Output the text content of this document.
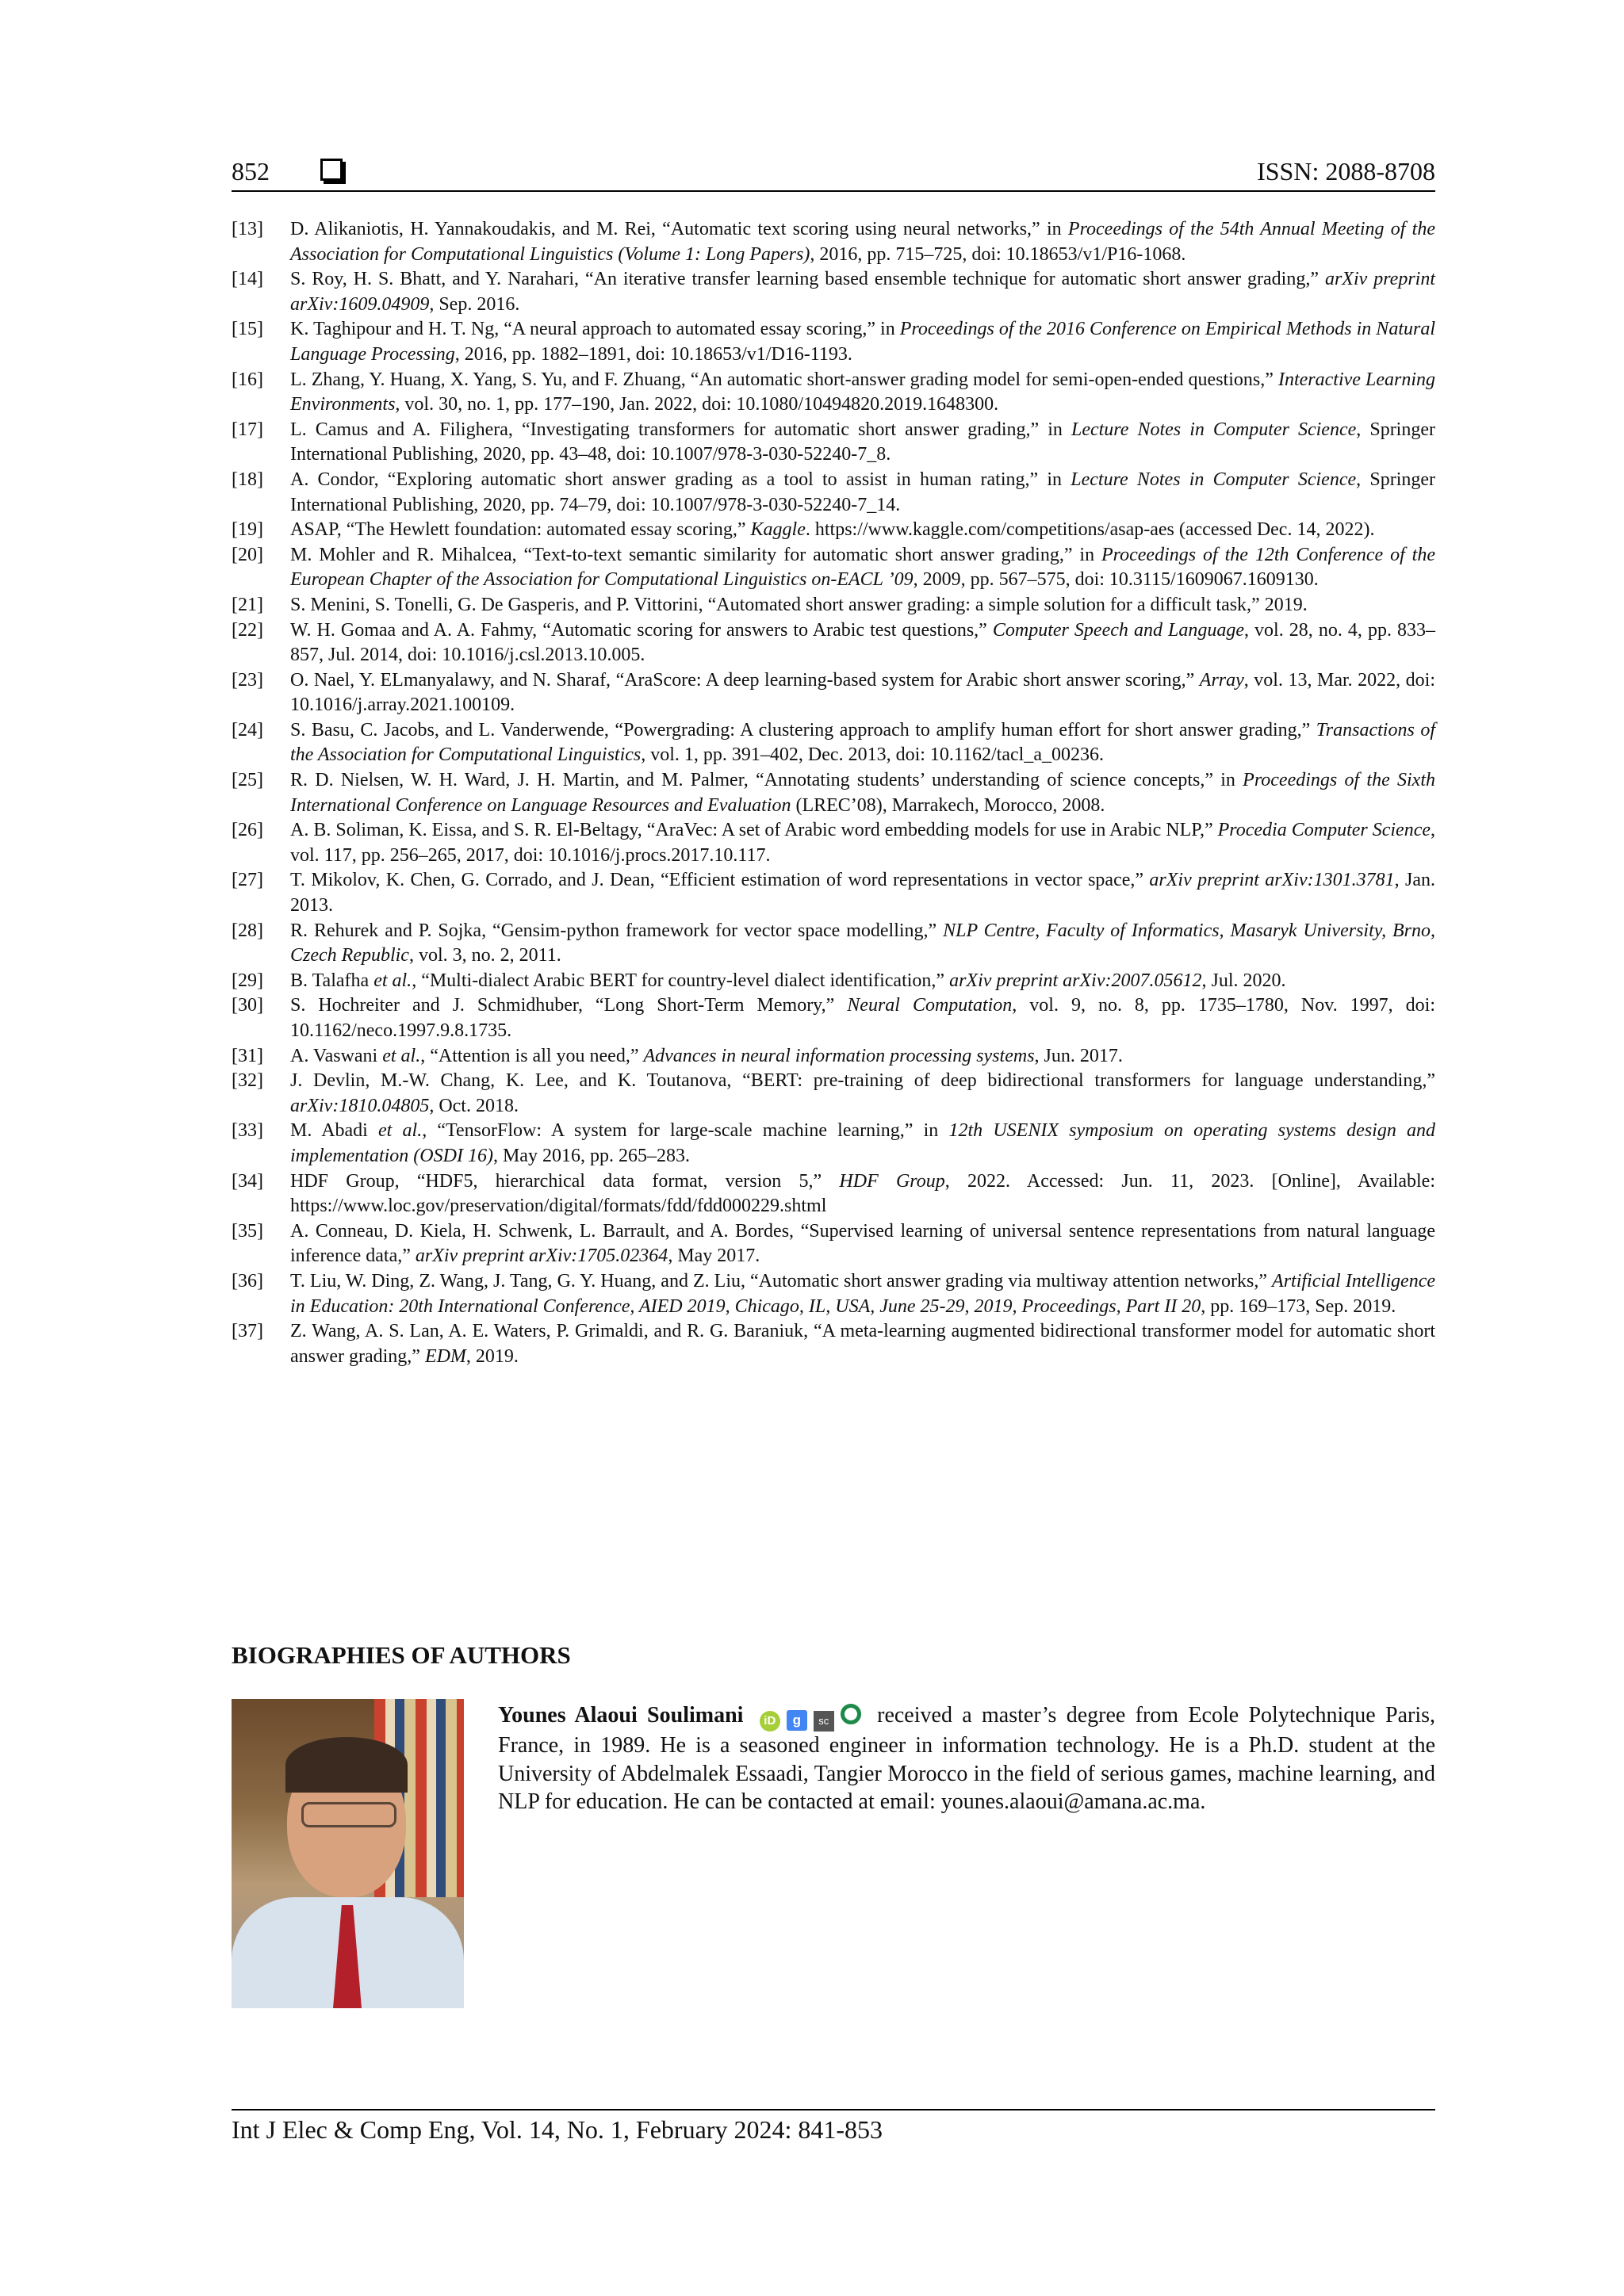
852	ISSN: 2088-8708
[13] D. Alikaniotis, H. Yannakoudakis, and M. Rei, “Automatic text scoring using neural networks,” in Proceedings of the 54th Annual Meeting of the Association for Computational Linguistics (Volume 1: Long Papers), 2016, pp. 715–725, doi: 10.18653/v1/P16-1068.
[14] S. Roy, H. S. Bhatt, and Y. Narahari, “An iterative transfer learning based ensemble technique for automatic short answer grading,” arXiv preprint arXiv:1609.04909, Sep. 2016.
[15] K. Taghipour and H. T. Ng, “A neural approach to automated essay scoring,” in Proceedings of the 2016 Conference on Empirical Methods in Natural Language Processing, 2016, pp. 1882–1891, doi: 10.18653/v1/D16-1193.
[16] L. Zhang, Y. Huang, X. Yang, S. Yu, and F. Zhuang, “An automatic short-answer grading model for semi-open-ended questions,” Interactive Learning Environments, vol. 30, no. 1, pp. 177–190, Jan. 2022, doi: 10.1080/10494820.2019.1648300.
[17] L. Camus and A. Filighera, “Investigating transformers for automatic short answer grading,” in Lecture Notes in Computer Science, Springer International Publishing, 2020, pp. 43–48, doi: 10.1007/978-3-030-52240-7_8.
[18] A. Condor, “Exploring automatic short answer grading as a tool to assist in human rating,” in Lecture Notes in Computer Science, Springer International Publishing, 2020, pp. 74–79, doi: 10.1007/978-3-030-52240-7_14.
[19] ASAP, “The Hewlett foundation: automated essay scoring,” Kaggle. https://www.kaggle.com/competitions/asap-aes (accessed Dec. 14, 2022).
[20] M. Mohler and R. Mihalcea, “Text-to-text semantic similarity for automatic short answer grading,” in Proceedings of the 12th Conference of the European Chapter of the Association for Computational Linguistics on-EACL ’09, 2009, pp. 567–575, doi: 10.3115/1609067.1609130.
[21] S. Menini, S. Tonelli, G. De Gasperis, and P. Vittorini, “Automated short answer grading: a simple solution for a difficult task,” 2019.
[22] W. H. Gomaa and A. A. Fahmy, “Automatic scoring for answers to Arabic test questions,” Computer Speech and Language, vol. 28, no. 4, pp. 833–857, Jul. 2014, doi: 10.1016/j.csl.2013.10.005.
[23] O. Nael, Y. ELmanyalawy, and N. Sharaf, “AraScore: A deep learning-based system for Arabic short answer scoring,” Array, vol. 13, Mar. 2022, doi: 10.1016/j.array.2021.100109.
[24] S. Basu, C. Jacobs, and L. Vanderwende, “Powergrading: A clustering approach to amplify human effort for short answer grading,” Transactions of the Association for Computational Linguistics, vol. 1, pp. 391–402, Dec. 2013, doi: 10.1162/tacl_a_00236.
[25] R. D. Nielsen, W. H. Ward, J. H. Martin, and M. Palmer, “Annotating students’ understanding of science concepts,” in Proceedings of the Sixth International Conference on Language Resources and Evaluation (LREC’08), Marrakech, Morocco, 2008.
[26] A. B. Soliman, K. Eissa, and S. R. El-Beltagy, “AraVec: A set of Arabic word embedding models for use in Arabic NLP,” Procedia Computer Science, vol. 117, pp. 256–265, 2017, doi: 10.1016/j.procs.2017.10.117.
[27] T. Mikolov, K. Chen, G. Corrado, and J. Dean, “Efficient estimation of word representations in vector space,” arXiv preprint arXiv:1301.3781, Jan. 2013.
[28] R. Rehurek and P. Sojka, “Gensim-python framework for vector space modelling,” NLP Centre, Faculty of Informatics, Masaryk University, Brno, Czech Republic, vol. 3, no. 2, 2011.
[29] B. Talafha et al., “Multi-dialect Arabic BERT for country-level dialect identification,” arXiv preprint arXiv:2007.05612, Jul. 2020.
[30] S. Hochreiter and J. Schmidhuber, “Long Short-Term Memory,” Neural Computation, vol. 9, no. 8, pp. 1735–1780, Nov. 1997, doi: 10.1162/neco.1997.9.8.1735.
[31] A. Vaswani et al., “Attention is all you need,” Advances in neural information processing systems, Jun. 2017.
[32] J. Devlin, M.-W. Chang, K. Lee, and K. Toutanova, “BERT: pre-training of deep bidirectional transformers for language understanding,” arXiv:1810.04805, Oct. 2018.
[33] M. Abadi et al., “TensorFlow: A system for large-scale machine learning,” in 12th USENIX symposium on operating systems design and implementation (OSDI 16), May 2016, pp. 265–283.
[34] HDF Group, “HDF5, hierarchical data format, version 5,” HDF Group, 2022. Accessed: Jun. 11, 2023. [Online], Available: https://www.loc.gov/preservation/digital/formats/fdd/fdd000229.shtml
[35] A. Conneau, D. Kiela, H. Schwenk, L. Barrault, and A. Bordes, “Supervised learning of universal sentence representations from natural language inference data,” arXiv preprint arXiv:1705.02364, May 2017.
[36] T. Liu, W. Ding, Z. Wang, J. Tang, G. Y. Huang, and Z. Liu, “Automatic short answer grading via multiway attention networks,” Artificial Intelligence in Education: 20th International Conference, AIED 2019, Chicago, IL, USA, June 25-29, 2019, Proceedings, Part II 20, pp. 169–173, Sep. 2019.
[37] Z. Wang, A. S. Lan, A. E. Waters, P. Grimaldi, and R. G. Baraniuk, “A meta-learning augmented bidirectional transformer model for automatic short answer grading,” EDM, 2019.
BIOGRAPHIES OF AUTHORS
Younes Alaoui Soulimani iD g sc received a master’s degree from Ecole Polytechnique Paris, France, in 1989. He is a seasoned engineer in information technology. He is a Ph.D. student at the University of Abdelmalek Essaadi, Tangier Morocco in the field of serious games, machine learning, and NLP for education. He can be contacted at email: younes.alaoui@amana.ac.ma.
Int J Elec & Comp Eng, Vol. 14, No. 1, February 2024: 841-853
